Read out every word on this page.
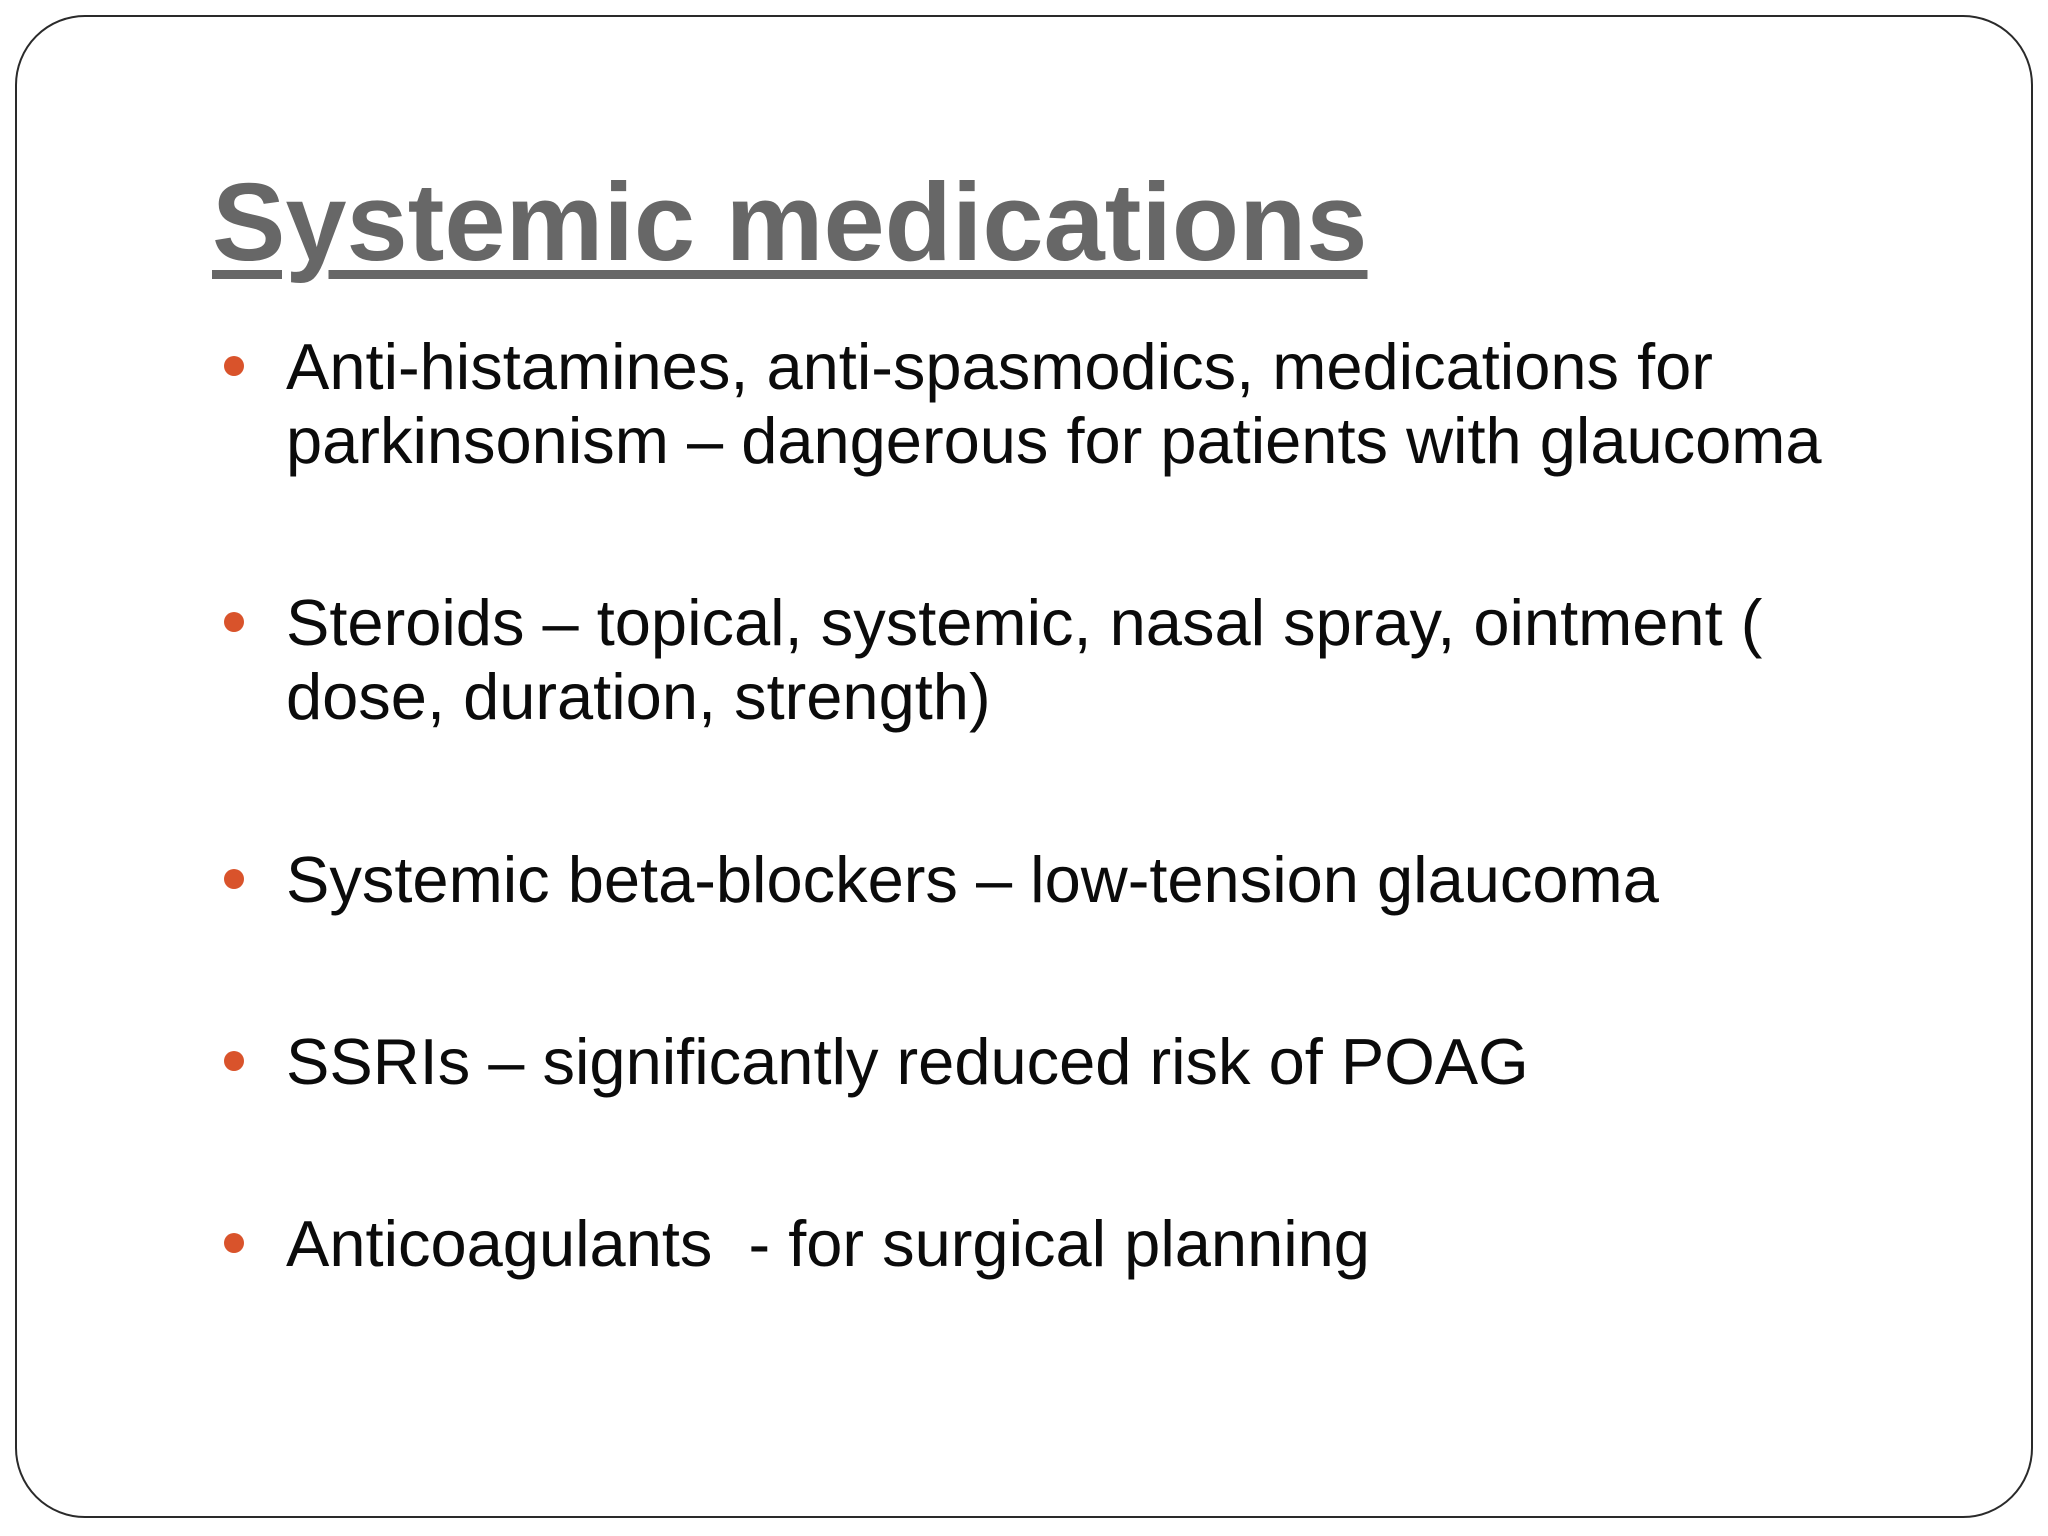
Systemic medications
Anti-histamines, anti-spasmodics, medications for parkinsonism – dangerous for patients with glaucoma
Steroids – topical, systemic, nasal spray, ointment ( dose, duration, strength)
Systemic beta-blockers – low-tension glaucoma
SSRIs – significantly reduced risk of POAG
Anticoagulants  - for surgical planning
